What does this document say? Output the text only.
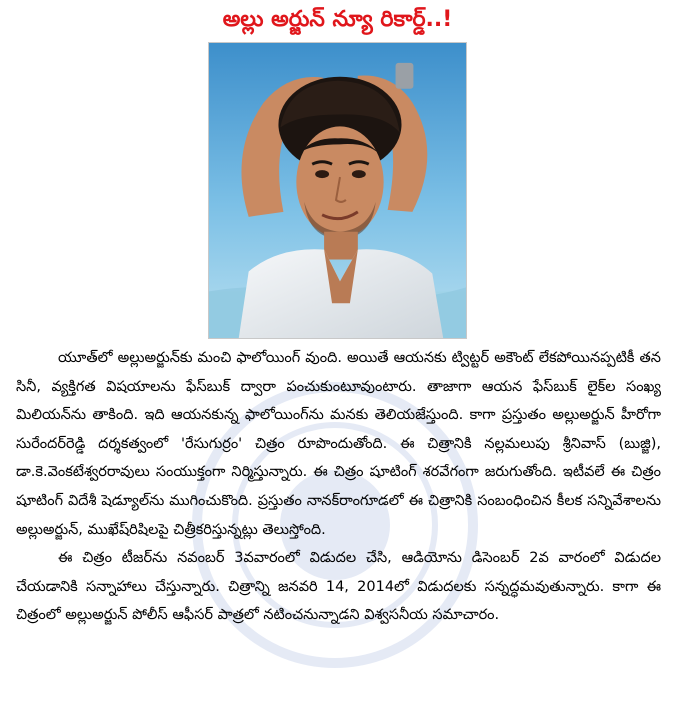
అల్లు అర్జున్ న్యూ రికార్డ్..!

యూత్‌లో అల్లుఅర్జున్‌కు మంచి ఫాలోయింగ్ వుంది. అయితే ఆయనకు ట్విట్టర్ అకౌంట్ లేకపోయినప్పటికీ తన సినీ, వ్యక్తిగత విషయాలను ఫేస్‌బుక్ ద్వారా పంచుకుంటూవుంటారు. తాజాగా ఆయన ఫేస్‌బుక్ లైక్‌ల సంఖ్య మిలియన్‌ను తాకింది. ఇది ఆయనకున్న ఫాలోయింగ్‌ను మనకు తెలియజేస్తుంది. కాగా ప్రస్తుతం అల్లుఅర్జున్ హీరోగా సురేందర్‌రెడ్డి దర్శకత్వంలో 'రేసుగుర్రం' చిత్రం రూపొందుతోంది. ఈ చిత్రానికి నల్లమలుపు శ్రీనివాస్ (బుజ్జి), డా.కె.వెంకటేశ్వరరావులు సంయుక్తంగా నిర్మిస్తున్నారు. ఈ చిత్రం షూటింగ్ శరవేగంగా జరుగుతోంది. ఇటీవలే ఈ చిత్రం షూటింగ్ విదేశీ షెడ్యూల్‌ను ముగించుకొంది. ప్రస్తుతం నానక్‌రాంగూడలో ఈ చిత్రానికి సంబంధించిన కీలక సన్నివేశాలను అల్లుఅర్జున్, ముఖేష్‌రిషిలపై చిత్రీకరిస్తున్నట్లు తెలుస్తోంది.

ఈ చిత్రం టీజర్‌ను నవంబర్ 3వవారంలో విడుదల చేసి, ఆడియోను డిసెంబర్ 2వ వారంలో విడుదల చేయడానికి సన్నాహాలు చేస్తున్నారు. చిత్రాన్ని జనవరి 14, 2014లో విడుదలకు సన్నద్ధమవుతున్నారు. కాగా ఈ చిత్రంలో అల్లుఅర్జున్ పోలీస్ ఆఫీసర్ పాత్రలో నటించనున్నాడని విశ్వసనీయ సమాచారం.
